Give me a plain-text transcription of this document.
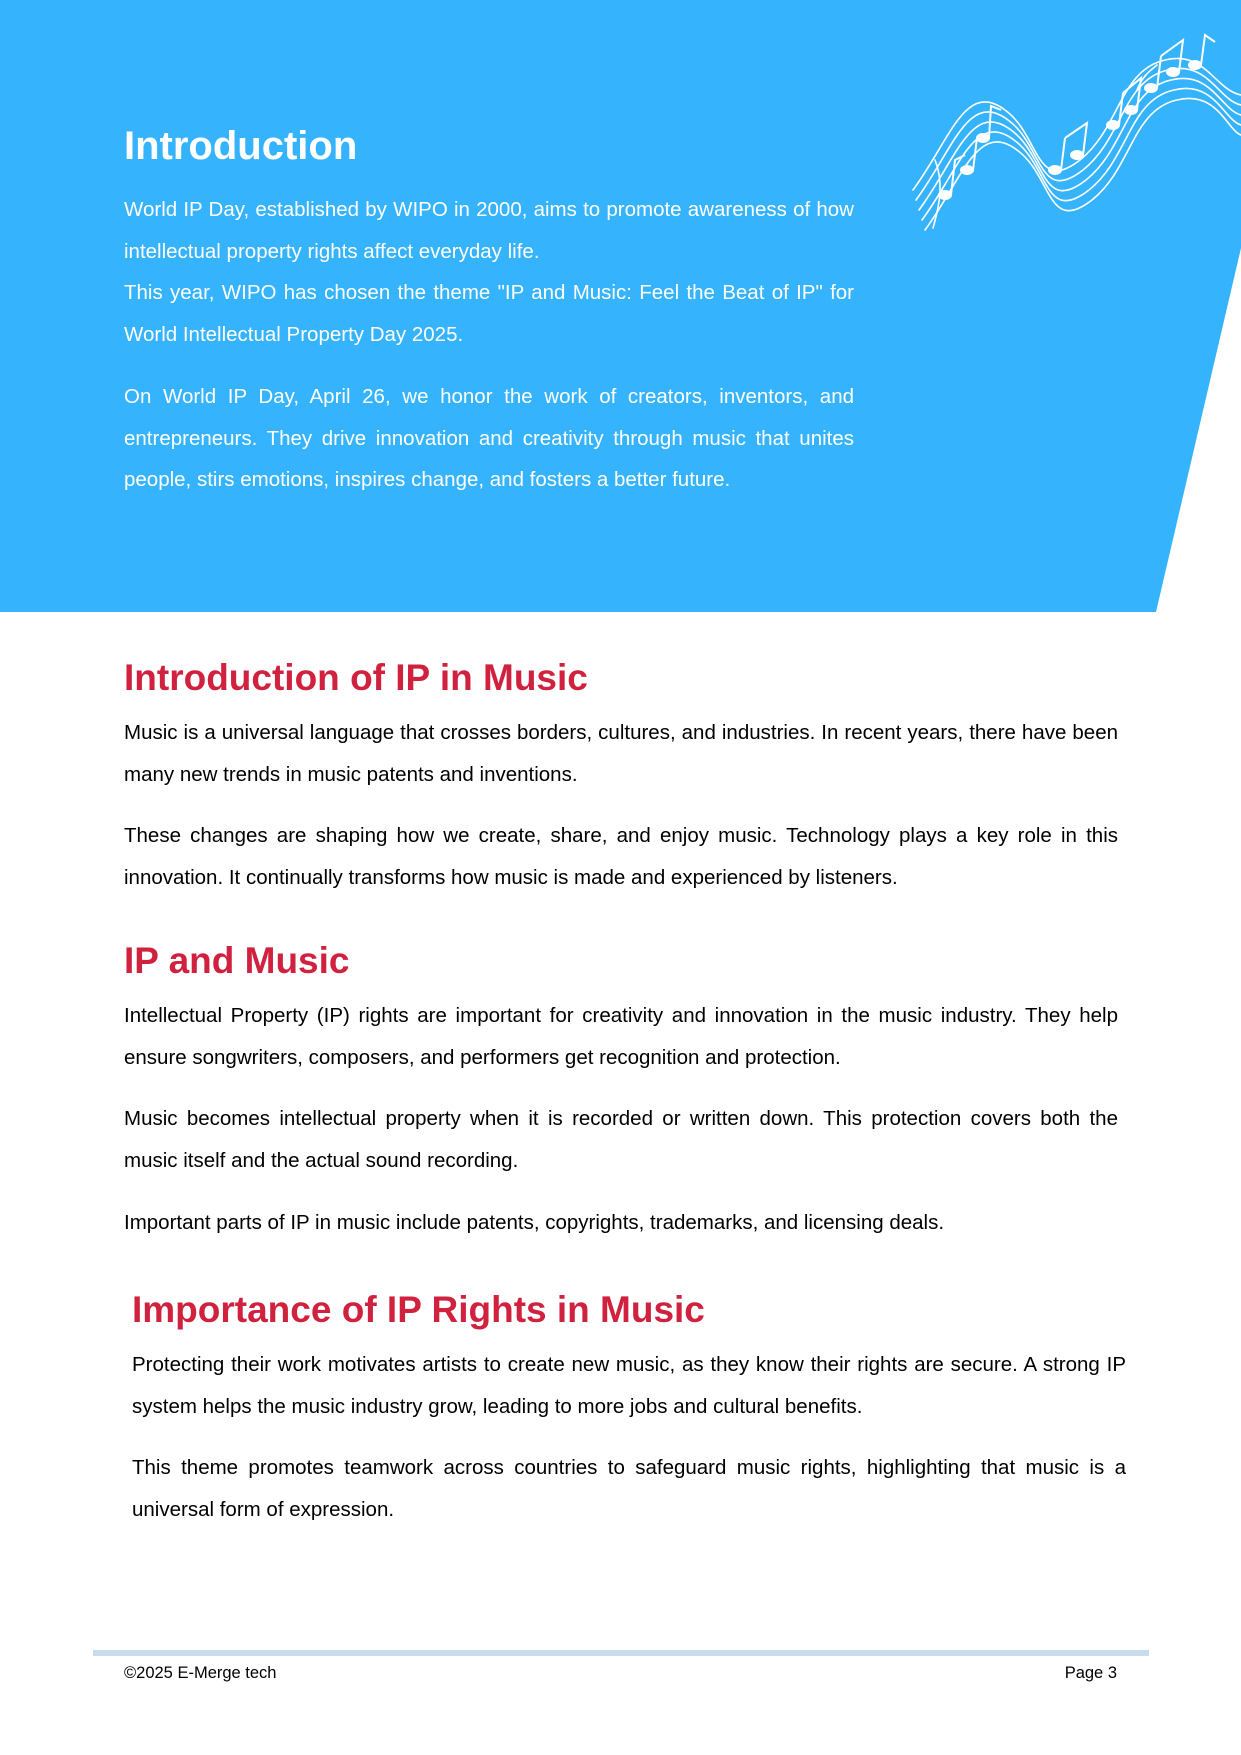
Introduction

World IP Day, established by WIPO in 2000, aims to promote awareness of how intellectual property rights affect everyday life.

This year, WIPO has chosen the theme "IP and Music: Feel the Beat of IP" for World Intellectual Property Day 2025.

On World IP Day, April 26, we honor the work of creators, inventors, and entrepreneurs. They drive innovation and creativity through music that unites people, stirs emotions, inspires change, and fosters a better future.

Introduction of IP in Music

Music is a universal language that crosses borders, cultures, and industries. In recent years, there have been many new trends in music patents and inventions.

These changes are shaping how we create, share, and enjoy music. Technology plays a key role in this innovation. It continually transforms how music is made and experienced by listeners.

IP and Music

Intellectual Property (IP) rights are important for creativity and innovation in the music industry. They help ensure songwriters, composers, and performers get recognition and protection.

Music becomes intellectual property when it is recorded or written down. This protection covers both the music itself and the actual sound recording.

Important parts of IP in music include patents, copyrights, trademarks, and licensing deals.

Importance of IP Rights in Music

Protecting their work motivates artists to create new music, as they know their rights are secure. A strong IP system helps the music industry grow, leading to more jobs and cultural benefits.

This theme promotes teamwork across countries to safeguard music rights, highlighting that music is a universal form of expression.

©2025 E-Merge tech	Page 3
